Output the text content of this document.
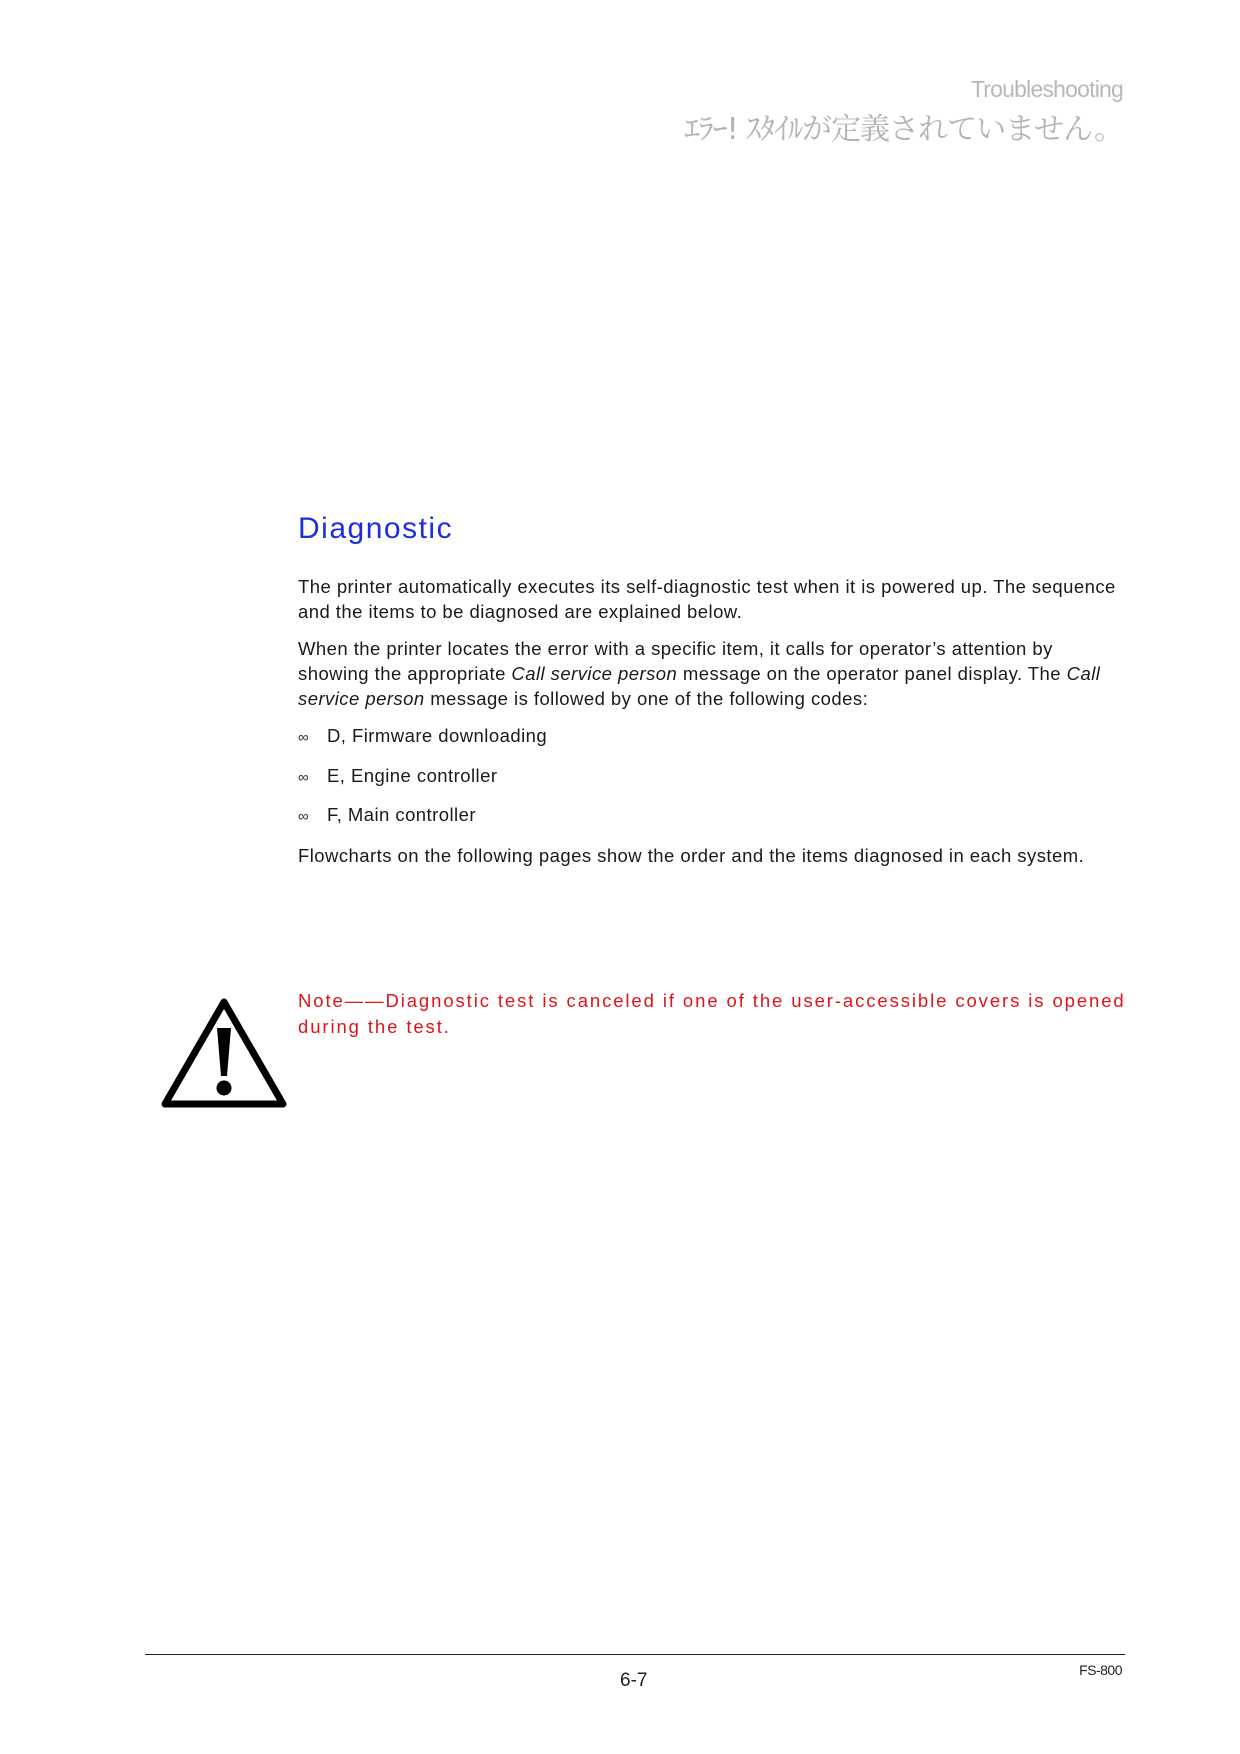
Troubleshooting
ｴﾗｰ! ｽﾀｲﾙが定義されていません。
Diagnostic

The printer automatically executes its self-diagnostic test when it is powered up. The sequence and the items to be diagnosed are explained below.

When the printer locates the error with a specific item, it calls for operator’s attention by showing the appropriate Call service person message on the operator panel display. The Call service person message is followed by one of the following codes:

∞ D, Firmware downloading
∞ E, Engine controller
∞ F, Main controller

Flowcharts on the following pages show the order and the items diagnosed in each system.

Note——Diagnostic test is canceled if one of the user-accessible covers is opened during the test.
6-7	FS-800
